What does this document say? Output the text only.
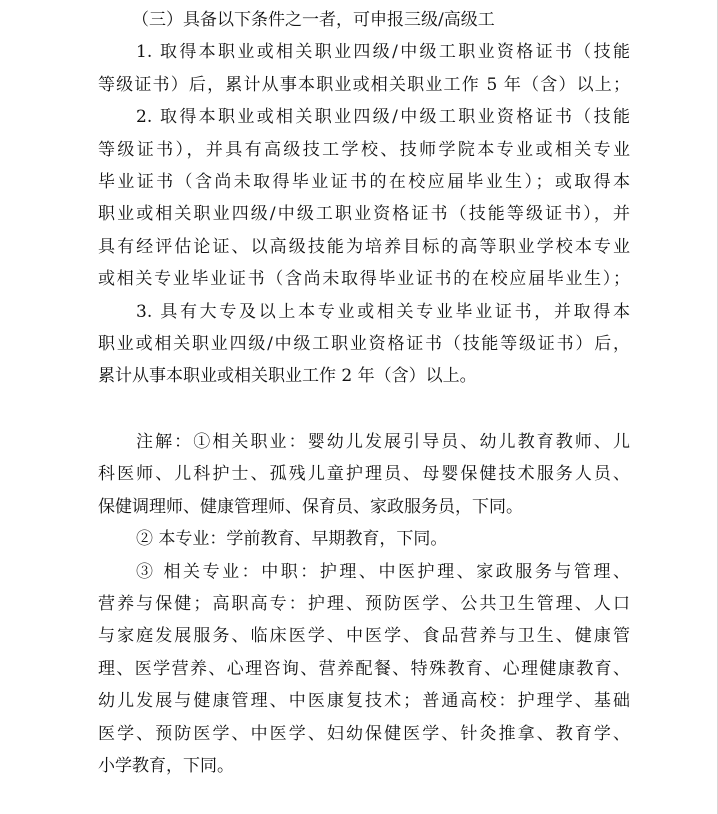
（三）具备以下条件之一者，可申报三级/高级工

1. 取得本职业或相关职业四级/中级工职业资格证书（技能

等级证书）后，累计从事本职业或相关职业工作 5 年（含）以上；

2. 取得本职业或相关职业四级/中级工职业资格证书（技能

等级证书），并具有高级技工学校、技师学院本专业或相关专业

毕业证书（含尚未取得毕业证书的在校应届毕业生）；或取得本

职业或相关职业四级/中级工职业资格证书（技能等级证书），并

具有经评估论证、以高级技能为培养目标的高等职业学校本专业

或相关专业毕业证书（含尚未取得毕业证书的在校应届毕业生）；

3. 具有大专及以上本专业或相关专业毕业证书，并取得本

职业或相关职业四级/中级工职业资格证书（技能等级证书）后，

累计从事本职业或相关职业工作 2 年（含）以上。

注解：①相关职业：婴幼儿发展引导员、幼儿教育教师、儿

科医师、儿科护士、孤残儿童护理员、母婴保健技术服务人员、

保健调理师、健康管理师、保育员、家政服务员，下同。

② 本专业：学前教育、早期教育，下同。

③ 相关专业：中职：护理、中医护理、家政服务与管理、

营养与保健；高职高专：护理、预防医学、公共卫生管理、人口

与家庭发展服务、临床医学、中医学、食品营养与卫生、健康管

理、医学营养、心理咨询、营养配餐、特殊教育、心理健康教育、

幼儿发展与健康管理、中医康复技术；普通高校：护理学、基础

医学、预防医学、中医学、妇幼保健医学、针灸推拿、教育学、

小学教育，下同。
